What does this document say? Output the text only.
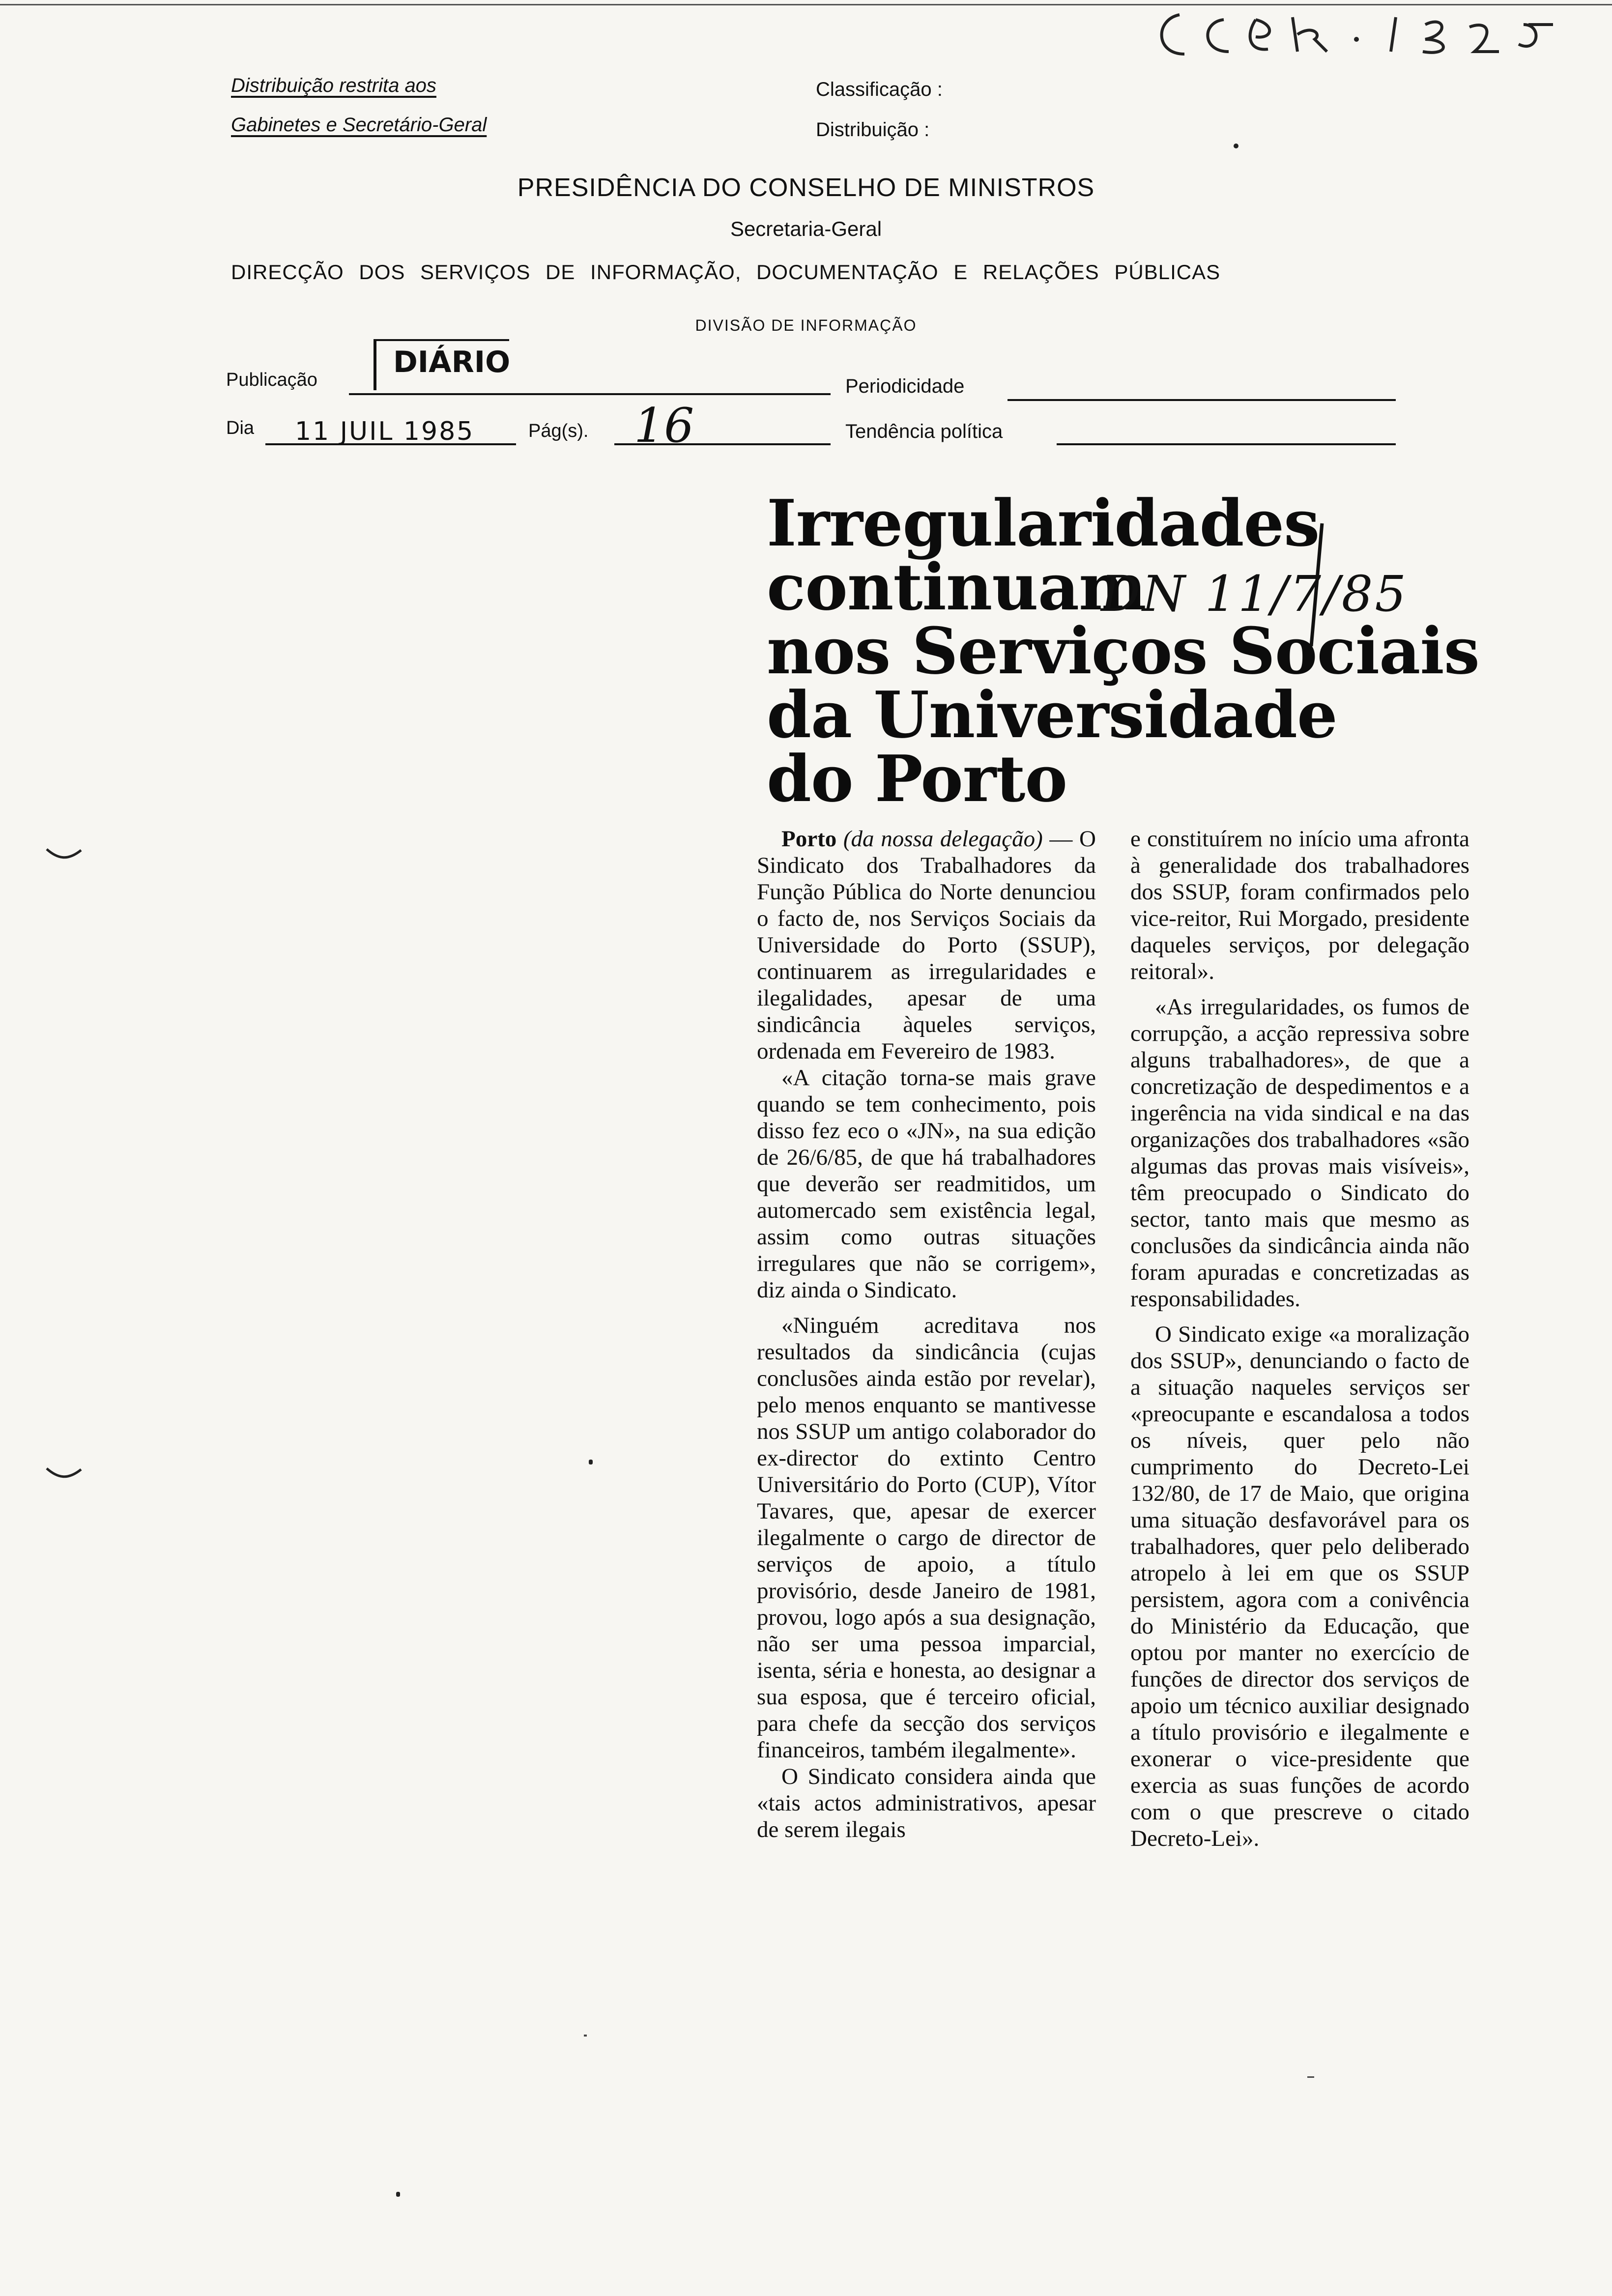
Distribuição restrita aos
Gabinetes e Secretário-Geral
Classificação :
Distribuição :
PRESIDÊNCIA DO CONSELHO DE MINISTROS
Secretaria-Geral
DIRECÇÃO DOS SERVIÇOS DE INFORMAÇÃO, DOCUMENTAÇÃO E RELAÇÕES PÚBLICAS
DIVISÃO DE INFORMAÇÃO
Publicação
DIÁRIO
Periodicidade
Dia 11 JUIL 1985	Pág(s). 16	Tendência política
Irregularidades
continuam
nos Serviços Sociais
da Universidade
do Porto
DN 11/7/85

Porto (da nossa delegação) — O Sindicato dos Trabalhadores da Função Pública do Norte denunciou o facto de, nos Serviços Sociais da Universidade do Porto (SSUP), continuarem as irregularidades e ilegalidades, apesar de uma sindicância àqueles serviços, ordenada em Fevereiro de 1983.

«A citação torna-se mais grave quando se tem conhecimento, pois disso fez eco o «JN», na sua edição de 26/6/85, de que há trabalhadores que deverão ser readmitidos, um automercado sem existência legal, assim como outras situações irregulares que não se corrigem», diz ainda o Sindicato.

«Ninguém acreditava nos resultados da sindicância (cujas conclusões ainda estão por revelar), pelo menos enquanto se mantivesse nos SSUP um antigo colaborador do ex-director do extinto Centro Universitário do Porto (CUP), Vítor Tavares, que, apesar de exercer ilegalmente o cargo de director de serviços de apoio, a título provisório, desde Janeiro de 1981, provou, logo após a sua designação, não ser uma pessoa imparcial, isenta, séria e honesta, ao designar a sua esposa, que é terceiro oficial, para chefe da secção dos serviços financeiros, também ilegalmente».

O Sindicato considera ainda que «tais actos administrativos, apesar de serem ilegais

e constituírem no início uma afronta à generalidade dos trabalhadores dos SSUP, foram confirmados pelo vice-reitor, Rui Morgado, presidente daqueles serviços, por delegação reitoral».

«As irregularidades, os fumos de corrupção, a acção repressiva sobre alguns trabalhadores», de que a concretização de despedimentos e a ingerência na vida sindical e na das organizações dos trabalhadores «são algumas das provas mais visíveis», têm preocupado o Sindicato do sector, tanto mais que mesmo as conclusões da sindicância ainda não foram apuradas e concretizadas as responsabilidades.

O Sindicato exige «a moralização dos SSUP», denunciando o facto de a situação naqueles serviços ser «preocupante e escandalosa a todos os níveis, quer pelo não cumprimento do Decreto-Lei 132/80, de 17 de Maio, que origina uma situação desfavorável para os trabalhadores, quer pelo deliberado atropelo à lei em que os SSUP persistem, agora com a conivência do Ministério da Educação, que optou por manter no exercício de funções de director dos serviços de apoio um técnico auxiliar designado a título provisório e ilegalmente e exonerar o vice-presidente que exercia as suas funções de acordo com o que prescreve o citado Decreto-Lei».
